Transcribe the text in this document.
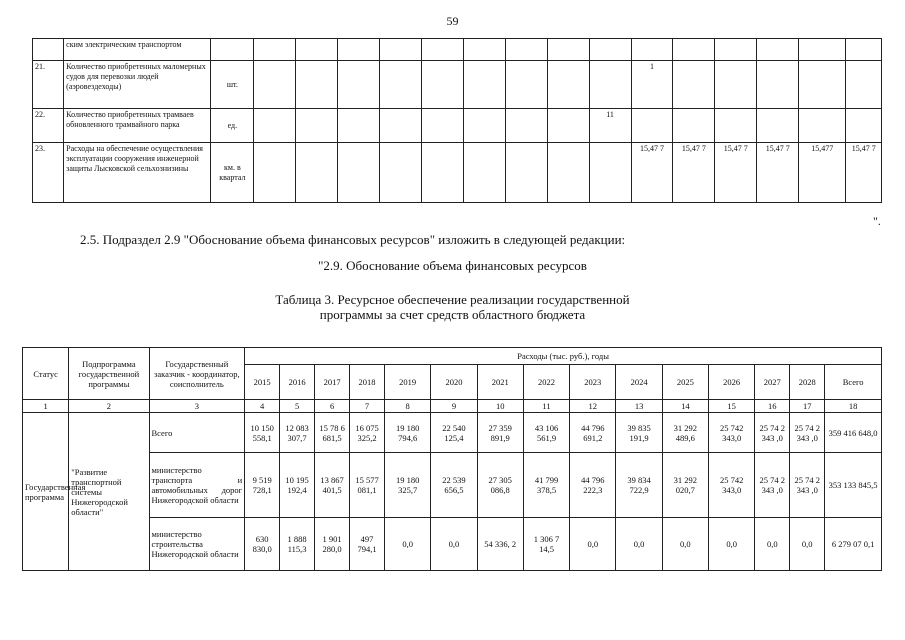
59
	ским электрическим транспортом																
21.	Количество приобретенных маломерных судов для перевозки людей (аэровездеходы)	шт.										1					
22.	Количество приобретенных трамваев обновленного трамвайного парка	ед.									11						
23.	Расходы на обеспечение осуществления эксплуатации сооружения инженерной защиты Лысковской сельхознизины	км. в квартал										15,47 7	15,47 7	15,47 7	15,47 7	15,477	15,47 7
".
2.5. Подраздел 2.9 "Обоснование объема финансовых ресурсов" изложить в следующей редакции:
"2.9. Обоснование объема финансовых ресурсов
Таблица 3. Ресурсное обеспечение реализации государственной
программы за счет средств областного бюджета
Статус	Подпрограмма государственной программы	Государственный заказчик - координатор, соисполнитель	Расходы (тыс. руб.), годы														
			2015	2016	2017	2018	2019	2020	2021	2022	2023	2024	2025	2026	2027	2028	Всего
1	2	3	4	5	6	7	8	9	10	11	12	13	14	15	16	17	18
Государственная программа	"Развитие транспортной системы Нижегородской области"	Всего	10 150 558,1	12 083 307,7	15 78 6 681,5	16 075 325,2	19 180 794,6	22 540 125,4	27 359 891,9	43 106 561,9	44 796 691,2	39 835 191,9	31 292 489,6	25 742 343,0	25 74 2 343 ,0	25 74 2 343 ,0	359 416 648,0
		министерство транспорта и автомобильных дорог Нижегородской области	9 519 728,1	10 195 192,4	13 867 401,5	15 577 081,1	19 180 325,7	22 539 656,5	27 305 086,8	41 799 378,5	44 796 222,3	39 834 722,9	31 292 020,7	25 742 343,0	25 74 2 343 ,0	25 74 2 343 ,0	353 133 845,5
		министерство строительства Нижегородской области	630 830,0	1 888 115,3	1 901 280,0	497 794,1	0,0	0,0	54 336, 2	1 306 7 14,5	0,0	0,0	0,0	0,0	0,0	0,0	6 279 07 0,1
